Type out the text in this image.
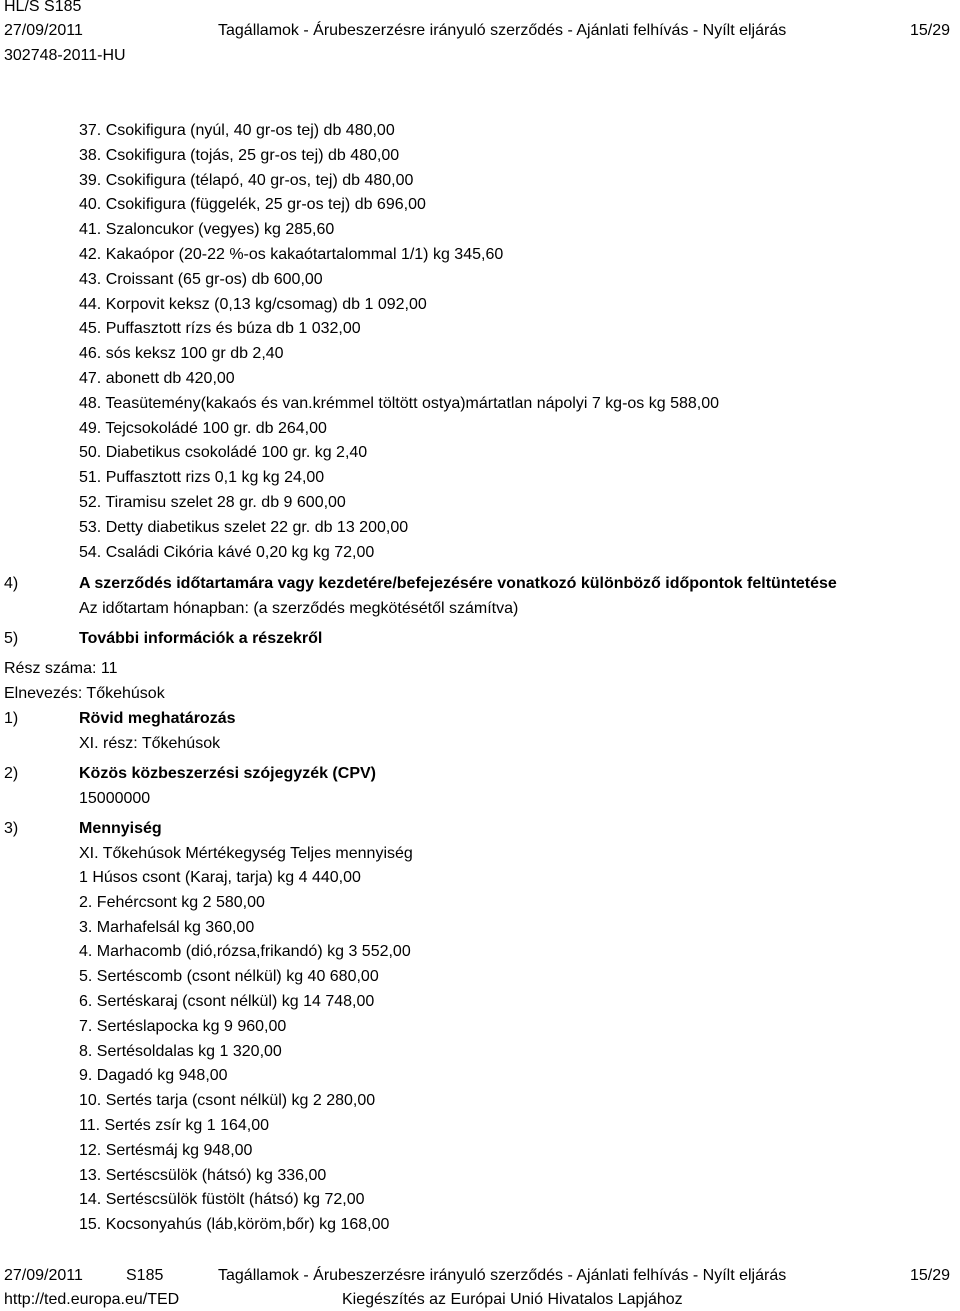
HL/S S185
27/09/2011	Tagállamok - Árubeszerzésre irányuló szerződés - Ajánlati felhívás - Nyílt eljárás	15/29
302748-2011-HU
37. Csokifigura (nyúl, 40 gr-os tej) db 480,00
38. Csokifigura (tojás, 25 gr-os tej) db 480,00
39. Csokifigura (télapó, 40 gr-os, tej) db 480,00
40. Csokifigura (függelék, 25 gr-os tej) db 696,00
41. Szaloncukor (vegyes) kg 285,60
42. Kakaópor (20-22 %-os kakaótartalommal 1/1) kg 345,60
43. Croissant (65 gr-os) db 600,00
44. Korpovit keksz (0,13 kg/csomag) db 1 092,00
45. Puffasztott rízs és búza db 1 032,00
46. sós keksz 100 gr db 2,40
47. abonett db 420,00
48. Teasütemény(kakaós és van.krémmel töltött ostya)mártatlan nápolyi 7 kg-os kg 588,00
49. Tejcsokoládé 100 gr. db 264,00
50. Diabetikus csokoládé 100 gr. kg 2,40
51. Puffasztott rizs 0,1 kg kg 24,00
52. Tiramisu szelet 28 gr. db 9 600,00
53. Detty diabetikus szelet 22 gr. db 13 200,00
54. Családi Cikória kávé 0,20 kg kg 72,00
4)	A szerződés időtartamára vagy kezdetére/befejezésére vonatkozó különböző időpontok feltüntetése
Az időtartam hónapban: (a szerződés megkötésétől számítva)
5)	További információk a részekről
Rész száma: 11
Elnevezés: Tőkehúsok
1)	Rövid meghatározás
XI. rész: Tőkehúsok
2)	Közös közbeszerzési szójegyzék (CPV)
15000000
3)	Mennyiség
XI. Tőkehúsok Mértékegység Teljes mennyiség
1 Húsos csont (Karaj, tarja) kg 4 440,00
2. Fehércsont kg 2 580,00
3. Marhafelsál kg 360,00
4. Marhacomb (dió,rózsa,frikandó) kg 3 552,00
5. Sertéscomb (csont nélkül) kg 40 680,00
6. Sertéskaraj (csont nélkül) kg 14 748,00
7. Sertéslapocka kg 9 960,00
8. Sertésoldalas kg 1 320,00
9. Dagadó kg 948,00
10. Sertés tarja (csont nélkül) kg 2 280,00
11. Sertés zsír kg 1 164,00
12. Sertésmáj kg 948,00
13. Sertéscsülök (hátsó) kg 336,00
14. Sertéscsülök füstölt (hátsó) kg 72,00
15. Kocsonyahús (láb,köröm,bőr) kg 168,00
27/09/2011	S185	Tagállamok - Árubeszerzésre irányuló szerződés - Ajánlati felhívás - Nyílt eljárás	15/29
http://ted.europa.eu/TED	Kiegészítés az Európai Unió Hivatalos Lapjához
